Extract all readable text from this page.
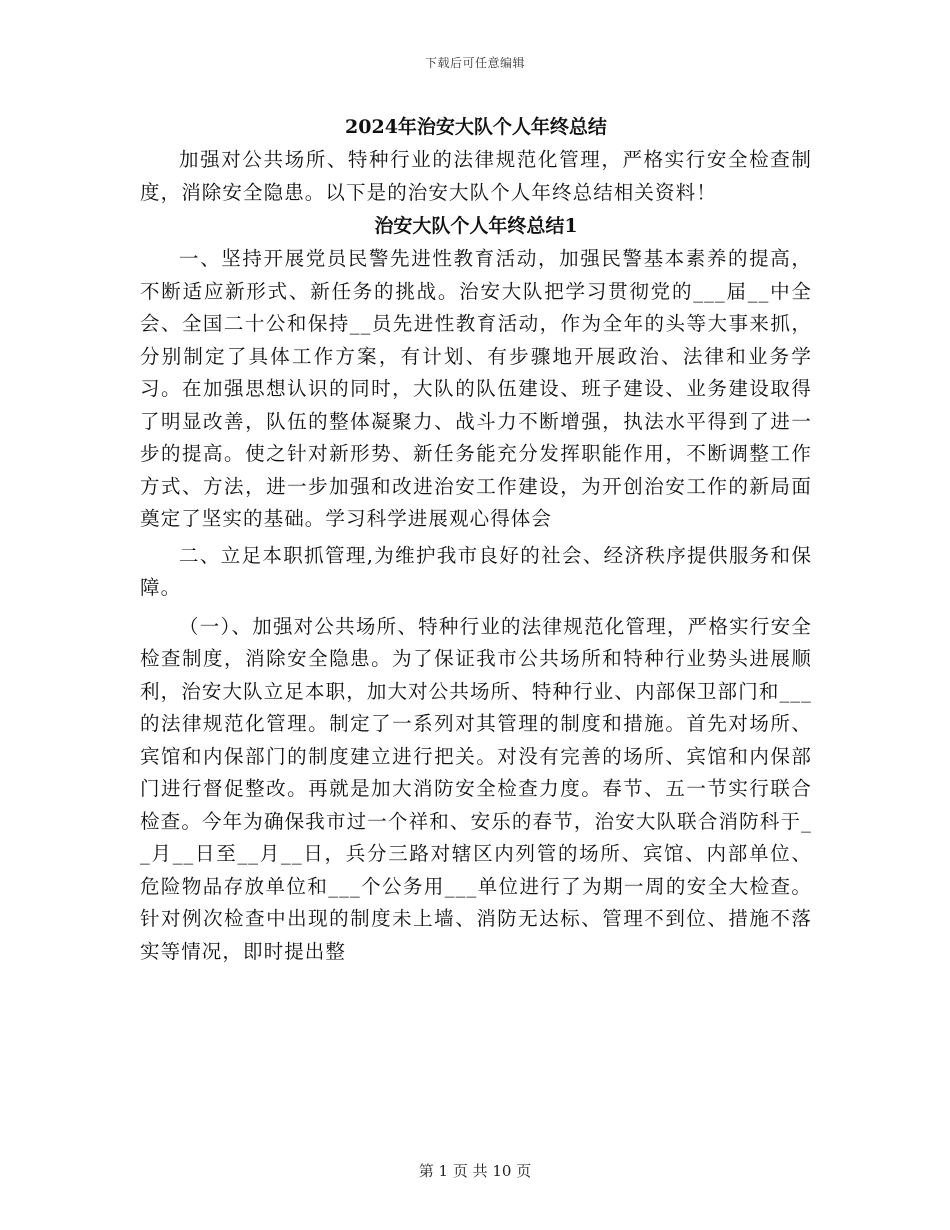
下载后可任意编辑

2024年治安大队个人年终总结

加强对公共场所、特种行业的法律规范化管理，严格实行安全检查制度，消除安全隐患。以下是的治安大队个人年终总结相关资料！

治安大队个人年终总结1

一、坚持开展党员民警先进性教育活动，加强民警基本素养的提高，不断适应新形式、新任务的挑战。治安大队把学习贯彻党的___届__中全会、全国二十公和保持__员先进性教育活动，作为全年的头等大事来抓，分别制定了具体工作方案，有计划、有步骤地开展政治、法律和业务学习。在加强思想认识的同时，大队的队伍建设、班子建设、业务建设取得了明显改善，队伍的整体凝聚力、战斗力不断增强，执法水平得到了进一步的提高。使之针对新形势、新任务能充分发挥职能作用，不断调整工作方式、方法，进一步加强和改进治安工作建设，为开创治安工作的新局面奠定了坚实的基础。学习科学进展观心得体会

二、立足本职抓管理,为维护我市良好的社会、经济秩序提供服务和保障。

（一）、加强对公共场所、特种行业的法律规范化管理，严格实行安全检查制度，消除安全隐患。为了保证我市公共场所和特种行业势头进展顺利，治安大队立足本职，加大对公共场所、特种行业、内部保卫部门和___的法律规范化管理。制定了一系列对其管理的制度和措施。首先对场所、宾馆和内保部门的制度建立进行把关。对没有完善的场所、宾馆和内保部门进行督促整改。再就是加大消防安全检查力度。春节、五一节实行联合检查。今年为确保我市过一个祥和、安乐的春节，治安大队联合消防科于__月__日至__月__日，兵分三路对辖区内列管的场所、宾馆、内部单位、危险物品存放单位和___个公务用___单位进行了为期一周的安全大检查。针对例次检查中出现的制度未上墙、消防无达标、管理不到位、措施不落实等情况，即时提出整

第 1 页 共 10 页
